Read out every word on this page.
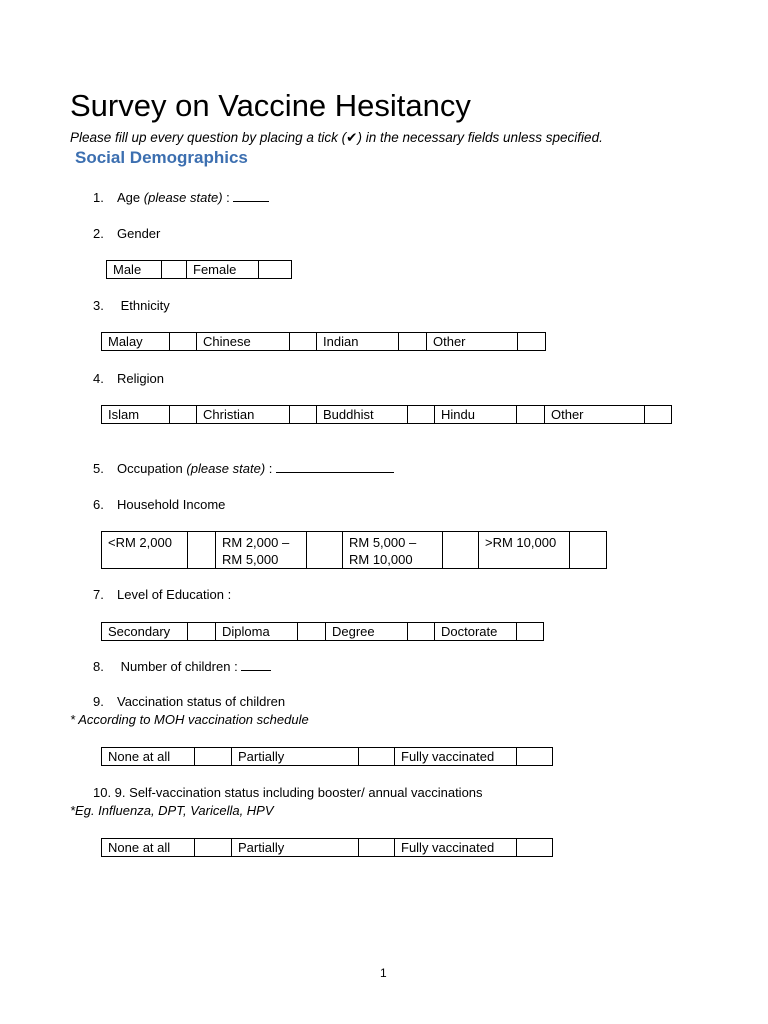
Survey on Vaccine Hesitancy
Please fill up every question by placing a tick (✔) in the necessary fields unless specified.
Social Demographics
1. Age (please state) :
2. Gender
Male		Female	
3. Ethnicity
Malay		Chinese		Indian		Other	
4. Religion
Islam		Christian		Buddhist		Hindu		Other	
5. Occupation (please state) :
6. Household Income
<RM 2,000		RM 2,000 – RM 5,000		RM 5,000 – RM 10,000		>RM 10,000	
7. Level of Education :
Secondary		Diploma		Degree		Doctorate	
8. Number of children :
9. Vaccination status of children
* According to MOH vaccination schedule
None at all		Partially		Fully vaccinated	
10. 9. Self-vaccination status including booster/ annual vaccinations
*Eg. Influenza, DPT, Varicella, HPV
None at all		Partially		Fully vaccinated	
1
